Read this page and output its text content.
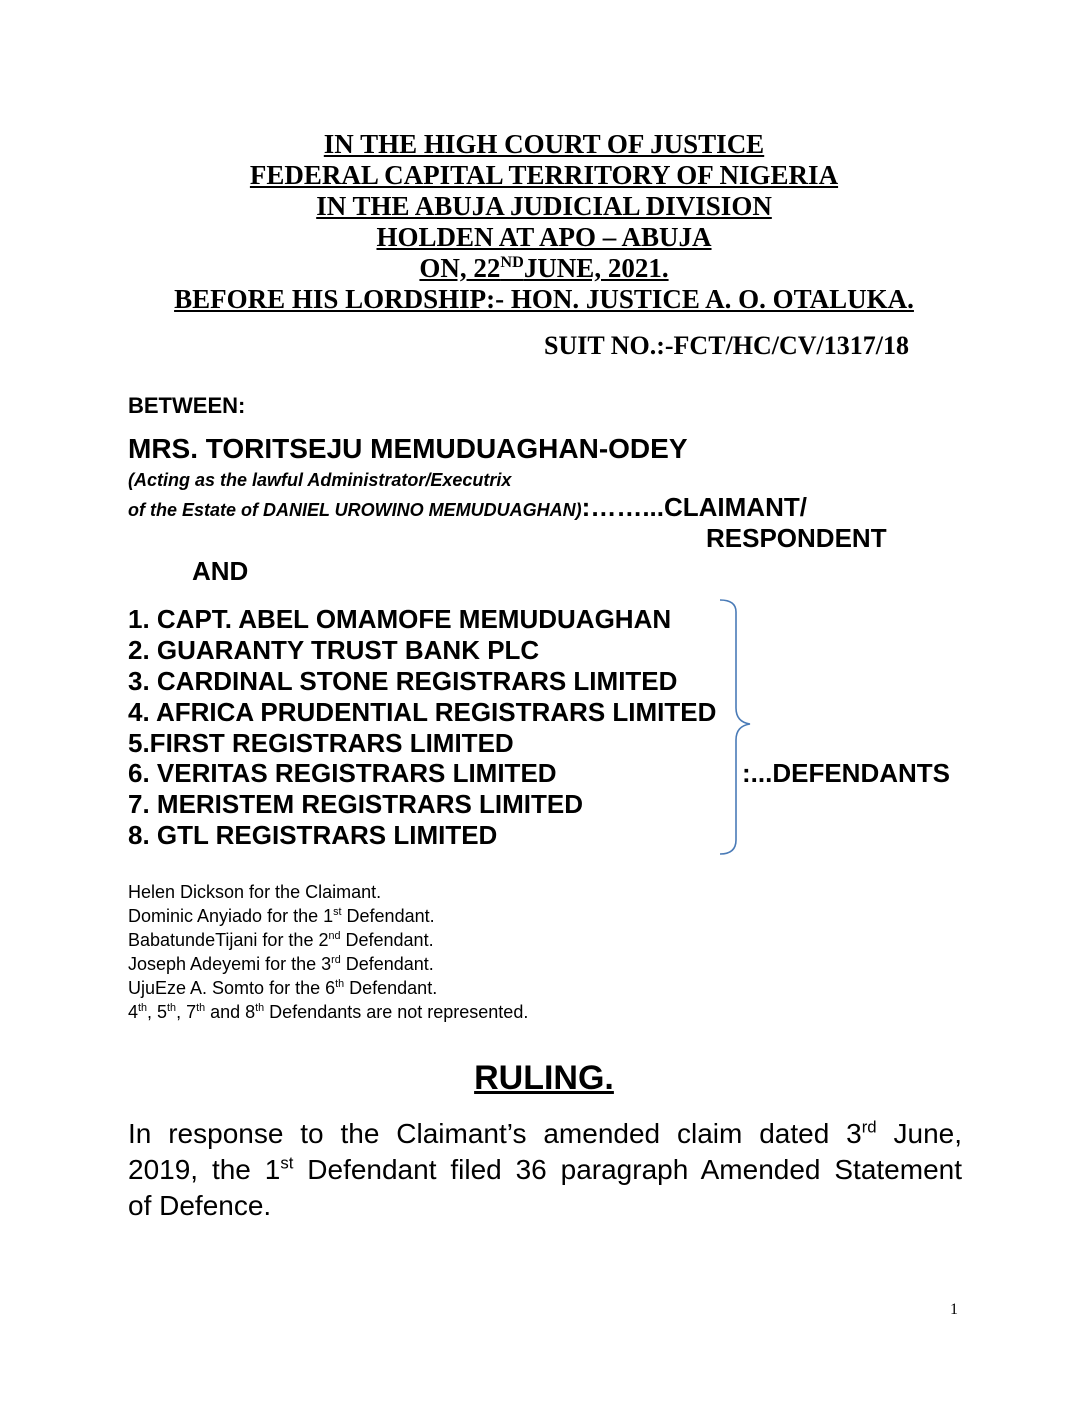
IN THE HIGH COURT OF JUSTICE
FEDERAL CAPITAL TERRITORY OF NIGERIA
IN THE ABUJA JUDICIAL DIVISION
HOLDEN AT APO – ABUJA
ON, 22NDJUNE, 2021.
BEFORE HIS LORDSHIP:- HON. JUSTICE A. O. OTALUKA.
SUIT NO.:-FCT/HC/CV/1317/18
BETWEEN:
MRS. TORITSEJU MEMUDUAGHAN-ODEY
(Acting as the lawful Administrator/Executrix
of the Estate of DANIEL UROWINO MEMUDUAGHAN):……...CLAIMANT/
RESPONDENT
AND
1. CAPT. ABEL OMAMOFE MEMUDUAGHAN
2. GUARANTY TRUST BANK PLC
3. CARDINAL STONE REGISTRARS LIMITED
4. AFRICA PRUDENTIAL REGISTRARS LIMITED
5.FIRST REGISTRARS LIMITED
6. VERITAS REGISTRARS LIMITED
7. MERISTEM REGISTRARS LIMITED
8. GTL REGISTRARS LIMITED
:...DEFENDANTS
Helen Dickson for the Claimant.
Dominic Anyiado for the 1st Defendant.
BabatundeTijani for the 2nd Defendant.
Joseph Adeyemi for the 3rd Defendant.
UjuEze A. Somto for the 6th Defendant.
4th, 5th, 7th and 8th Defendants are not represented.
RULING.
In response to the Claimant’s amended claim dated 3rd June,
2019, the 1st Defendant filed 36 paragraph Amended Statement
of Defence.
1
